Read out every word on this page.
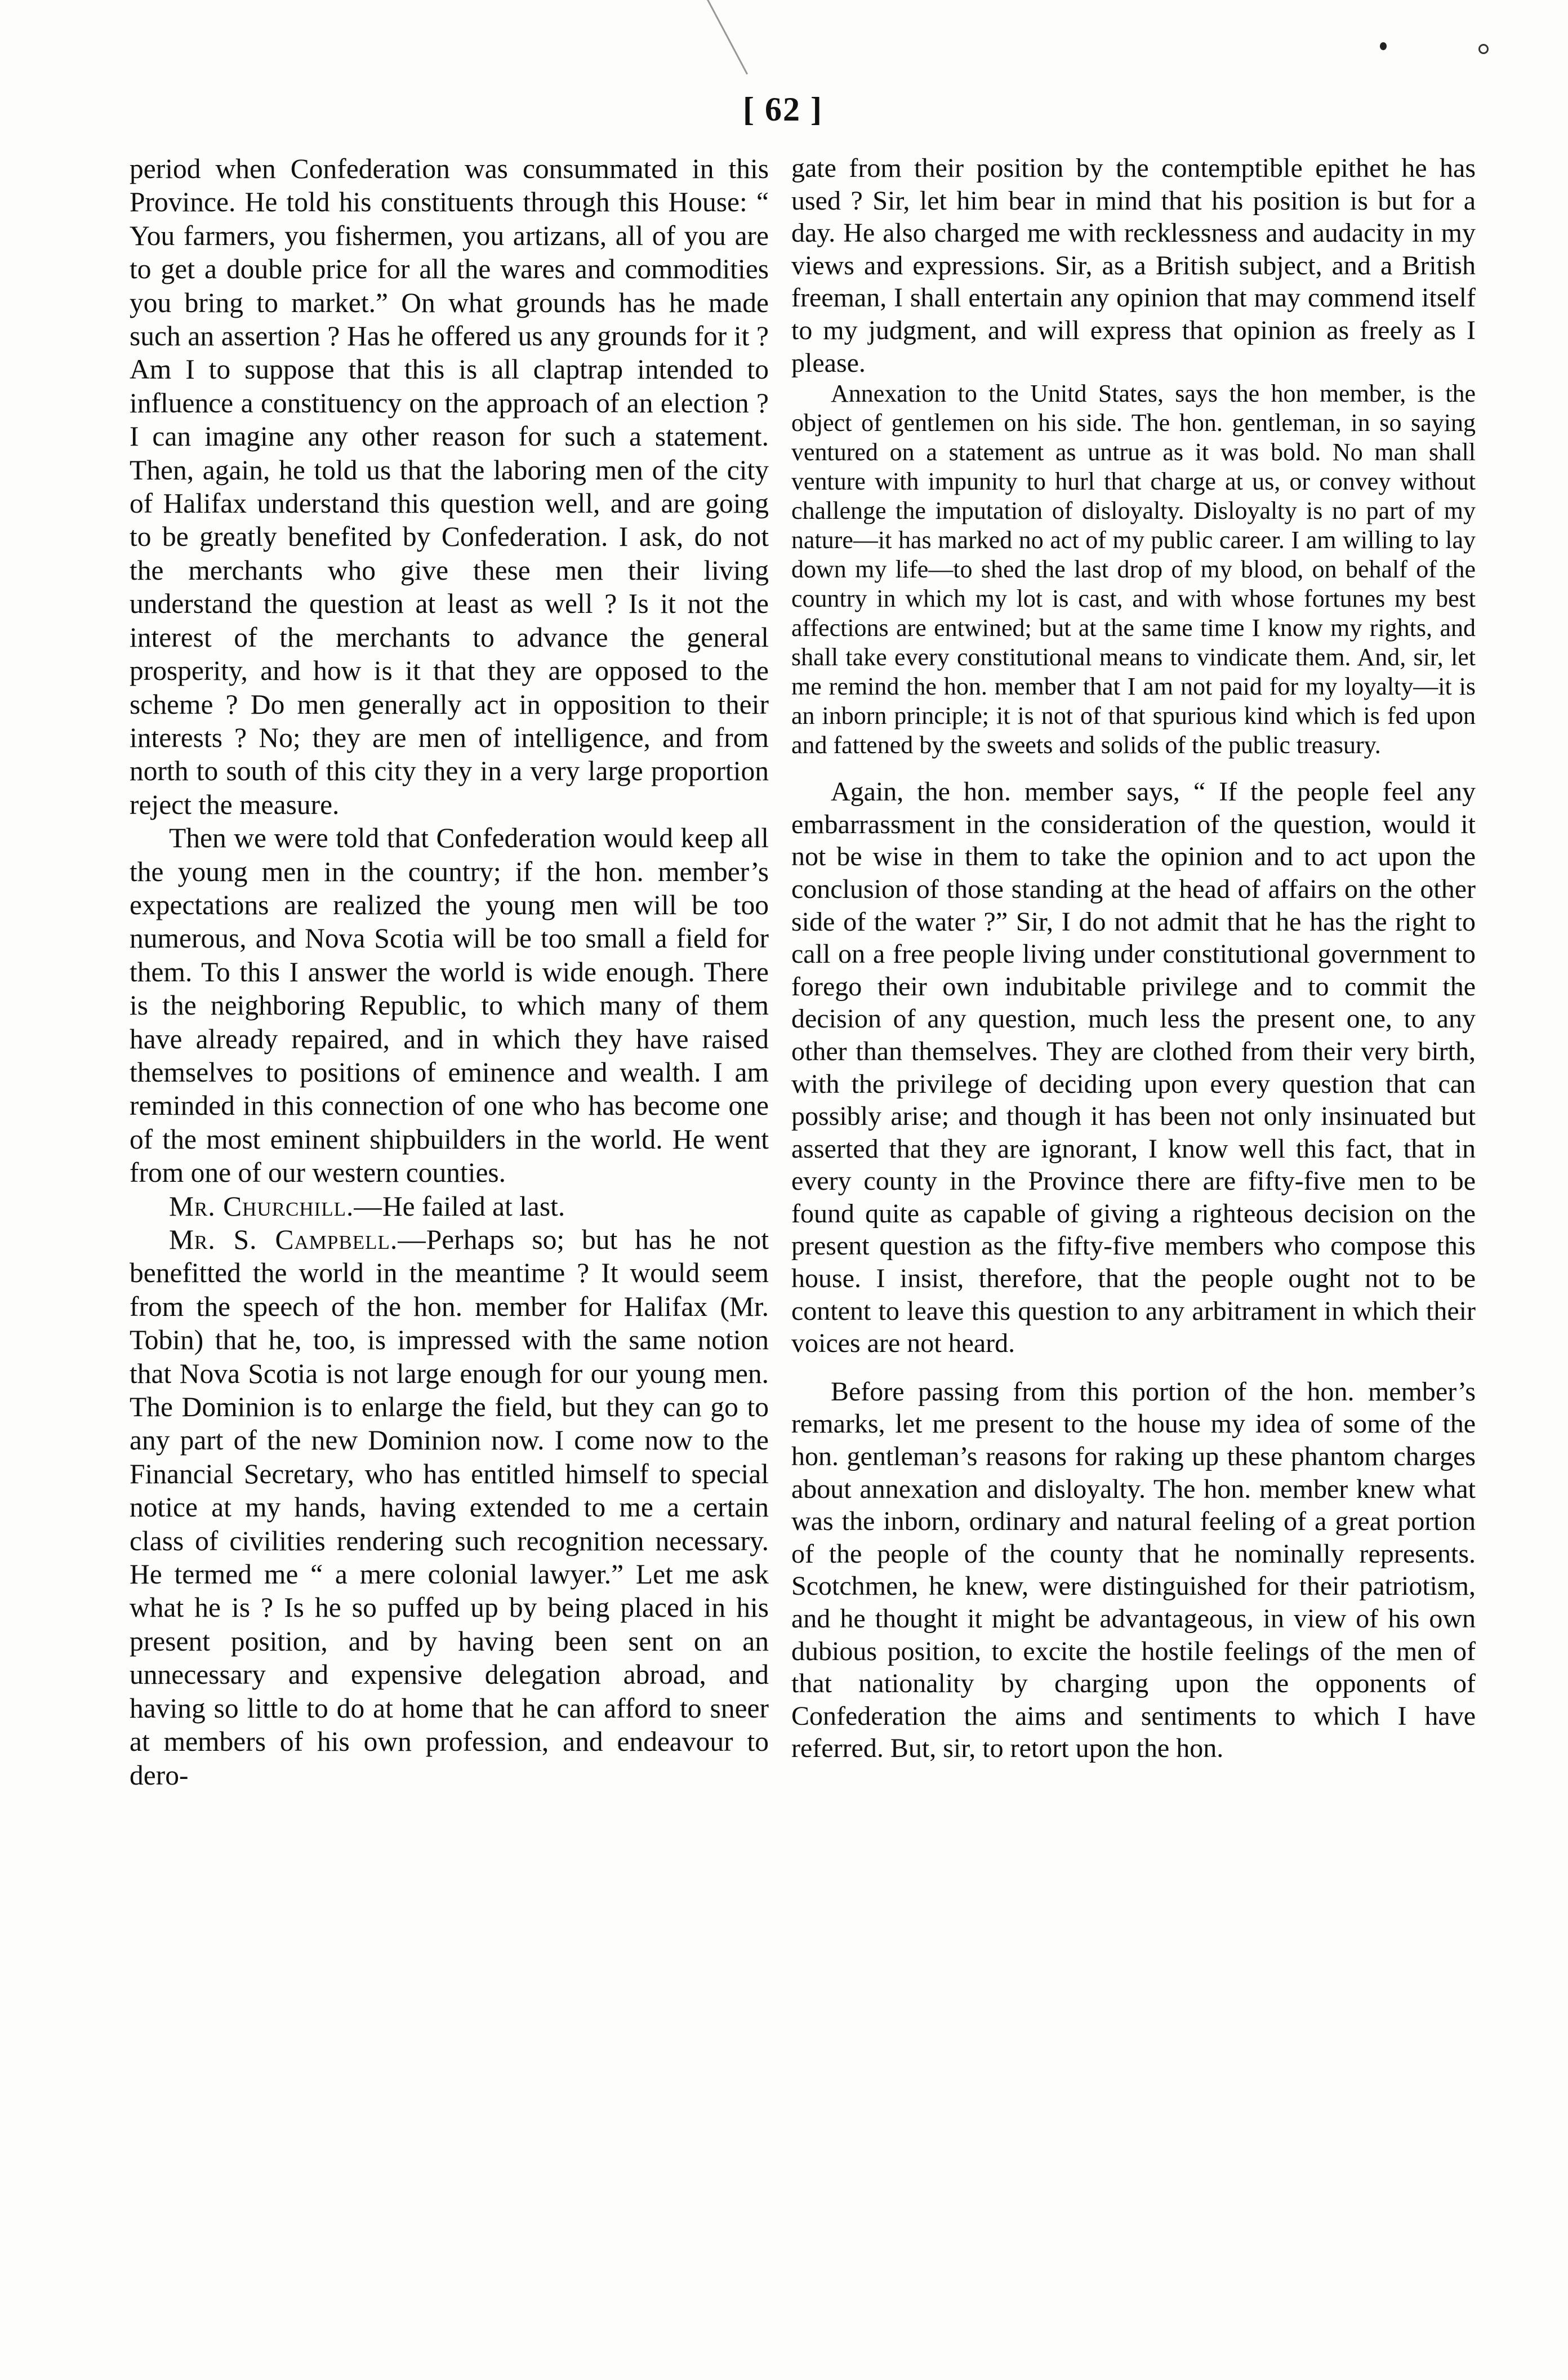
[ 62 ]

period when Confederation was consummated in this Province. He told his constituents through this House: “ You farmers, you fishermen, you artizans, all of you are to get a double price for all the wares and commodities you bring to market.” On what grounds has he made such an assertion ? Has he offered us any grounds for it ? Am I to suppose that this is all claptrap intended to influence a constituency on the approach of an election ? I can imagine any other reason for such a statement. Then, again, he told us that the laboring men of the city of Halifax understand this question well, and are going to be greatly benefited by Confederation. I ask, do not the merchants who give these men their living understand the question at least as well ? Is it not the interest of the merchants to advance the general prosperity, and how is it that they are opposed to the scheme ? Do men generally act in opposition to their interests ? No; they are men of intelligence, and from north to south of this city they in a very large proportion reject the measure.

Then we were told that Confederation would keep all the young men in the country; if the hon. member’s expectations are realized the young men will be too numerous, and Nova Scotia will be too small a field for them. To this I answer the world is wide enough. There is the neighboring Republic, to which many of them have already repaired, and in which they have raised themselves to positions of eminence and wealth. I am reminded in this connection of one who has become one of the most eminent shipbuilders in the world. He went from one of our western counties.

Mr. Churchill.—He failed at last.

Mr. S. Campbell.—Perhaps so; but has he not benefitted the world in the meantime ? It would seem from the speech of the hon. member for Halifax (Mr. Tobin) that he, too, is impressed with the same notion that Nova Scotia is not large enough for our young men. The Dominion is to enlarge the field, but they can go to any part of the new Dominion now. I come now to the Financial Secretary, who has entitled himself to special notice at my hands, having extended to me a certain class of civilities rendering such recognition necessary. He termed me “ a mere colonial lawyer.” Let me ask what he is ? Is he so puffed up by being placed in his present position, and by having been sent on an unnecessary and expensive delegation abroad, and having so little to do at home that he can afford to sneer at members of his own profession, and endeavour to dero-

gate from their position by the contemptible epithet he has used ? Sir, let him bear in mind that his position is but for a day. He also charged me with recklessness and audacity in my views and expressions. Sir, as a British subject, and a British freeman, I shall entertain any opinion that may commend itself to my judgment, and will express that opinion as freely as I please.

Annexation to the Unitd States, says the hon member, is the object of gentlemen on his side. The hon. gentleman, in so saying ventured on a statement as untrue as it was bold. No man shall venture with impunity to hurl that charge at us, or convey without challenge the imputation of disloyalty. Disloyalty is no part of my nature—it has marked no act of my public career. I am willing to lay down my life—to shed the last drop of my blood, on behalf of the country in which my lot is cast, and with whose fortunes my best affections are entwined; but at the same time I know my rights, and shall take every constitutional means to vindicate them. And, sir, let me remind the hon. member that I am not paid for my loyalty—it is an inborn principle; it is not of that spurious kind which is fed upon and fattened by the sweets and solids of the public treasury.

Again, the hon. member says, “ If the people feel any embarrassment in the consideration of the question, would it not be wise in them to take the opinion and to act upon the conclusion of those standing at the head of affairs on the other side of the water ?” Sir, I do not admit that he has the right to call on a free people living under constitutional government to forego their own indubitable privilege and to commit the decision of any question, much less the present one, to any other than themselves. They are clothed from their very birth, with the privilege of deciding upon every question that can possibly arise; and though it has been not only insinuated but asserted that they are ignorant, I know well this fact, that in every county in the Province there are fifty-five men to be found quite as capable of giving a righteous decision on the present question as the fifty-five members who compose this house. I insist, therefore, that the people ought not to be content to leave this question to any arbitrament in which their voices are not heard.

Before passing from this portion of the hon. member’s remarks, let me present to the house my idea of some of the hon. gentleman’s reasons for raking up these phantom charges about annexation and disloyalty. The hon. member knew what was the inborn, ordinary and natural feeling of a great portion of the people of the county that he nominally represents. Scotchmen, he knew, were distinguished for their patriotism, and he thought it might be advantageous, in view of his own dubious position, to excite the hostile feelings of the men of that nationality by charging upon the opponents of Confederation the aims and sentiments to which I have referred. But, sir, to retort upon the hon.
